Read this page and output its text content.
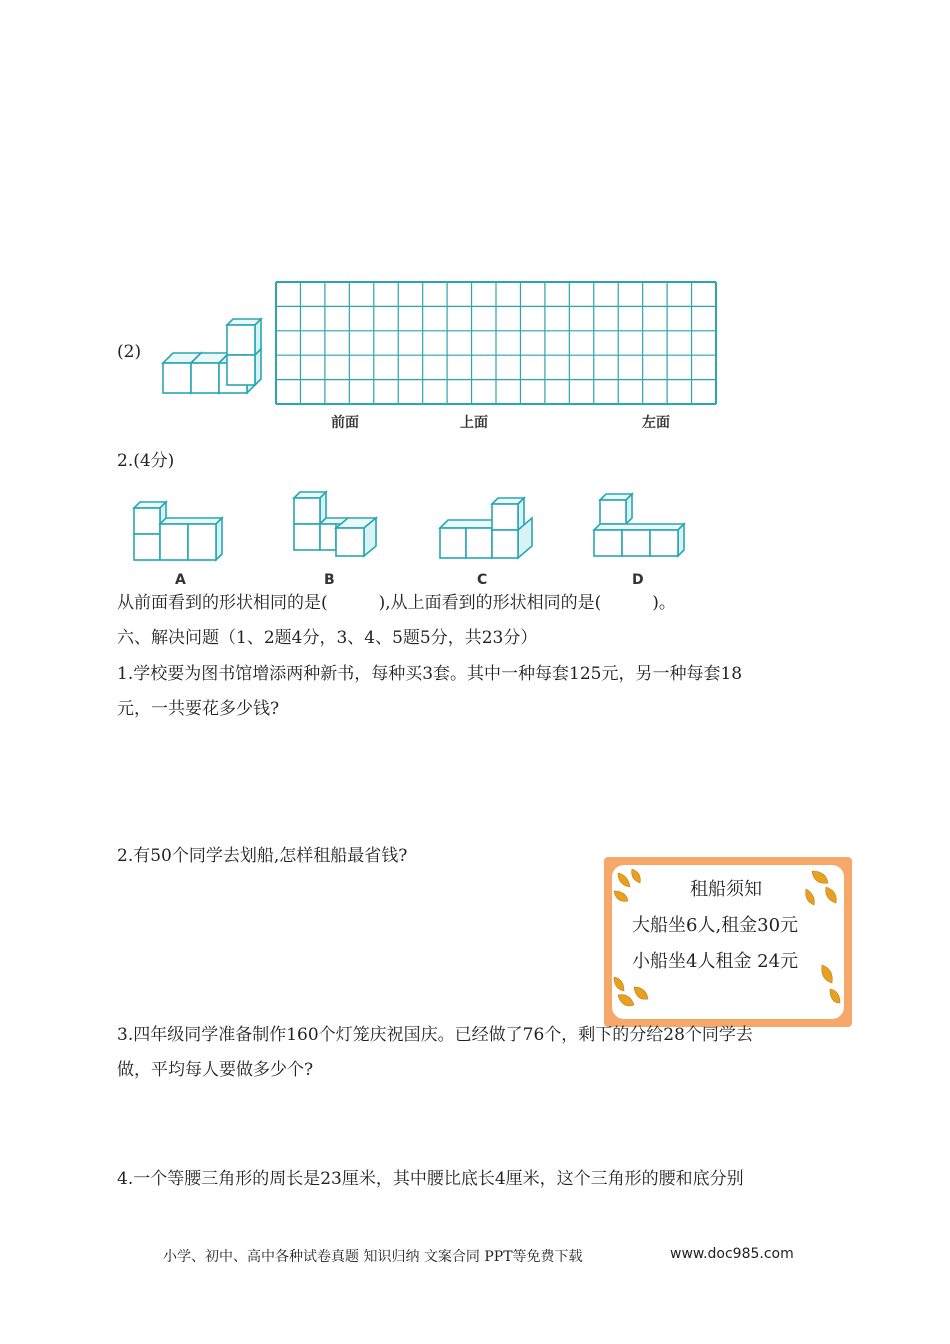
(2)
前面	上面	左面
2.(4分)
A	B	C	D
从前面看到的形状相同的是(　　　),从上面看到的形状相同的是(　　　)。
六、解决问题（1、2题4分，3、4、5题5分，共23分）
1.学校要为图书馆增添两种新书，每种买3套。其中一种每套125元，另一种每套18
元，一共要花多少钱?
2.有50个同学去划船,怎样租船最省钱?
租船须知
大船坐6人,租金30元
小船坐4人租金 24元
3.四年级同学准备制作160个灯笼庆祝国庆。已经做了76个，剩下的分给28个同学去
做，平均每人要做多少个?
4.一个等腰三角形的周长是23厘米，其中腰比底长4厘米，这个三角形的腰和底分别
小学、初中、高中各种试卷真题 知识归纳 文案合同 PPT等免费下载	www.doc985.com
